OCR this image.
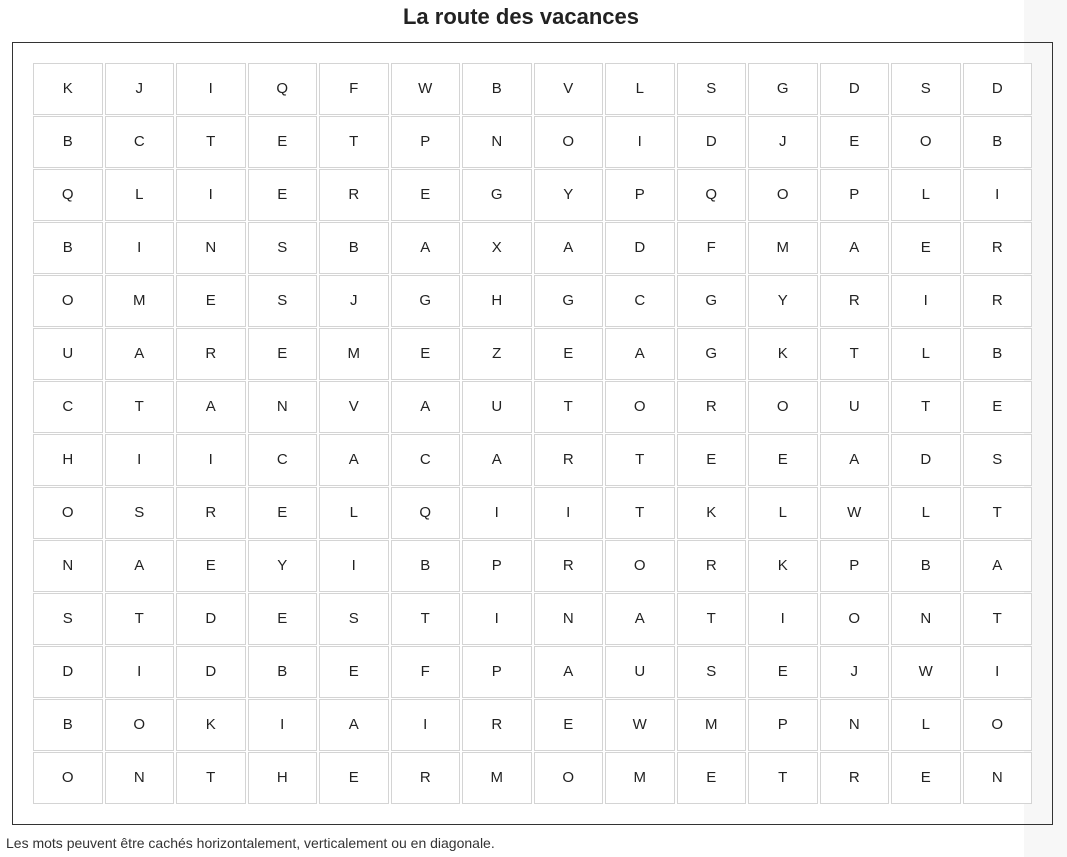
La route des vacances
K	J	I	Q	F	W	B	V	L	S	G	D	S	D
B	C	T	E	T	P	N	O	I	D	J	E	O	B
Q	L	I	E	R	E	G	Y	P	Q	O	P	L	I
B	I	N	S	B	A	X	A	D	F	M	A	E	R
O	M	E	S	J	G	H	G	C	G	Y	R	I	R
U	A	R	E	M	E	Z	E	A	G	K	T	L	B
C	T	A	N	V	A	U	T	O	R	O	U	T	E
H	I	I	C	A	C	A	R	T	E	E	A	D	S
O	S	R	E	L	Q	I	I	T	K	L	W	L	T
N	A	E	Y	I	B	P	R	O	R	K	P	B	A
S	T	D	E	S	T	I	N	A	T	I	O	N	T
D	I	D	B	E	F	P	A	U	S	E	J	W	I
B	O	K	I	A	I	R	E	W	M	P	N	L	O
O	N	T	H	E	R	M	O	M	E	T	R	E	N
Les mots peuvent être cachés horizontalement, verticalement ou en diagonale.
